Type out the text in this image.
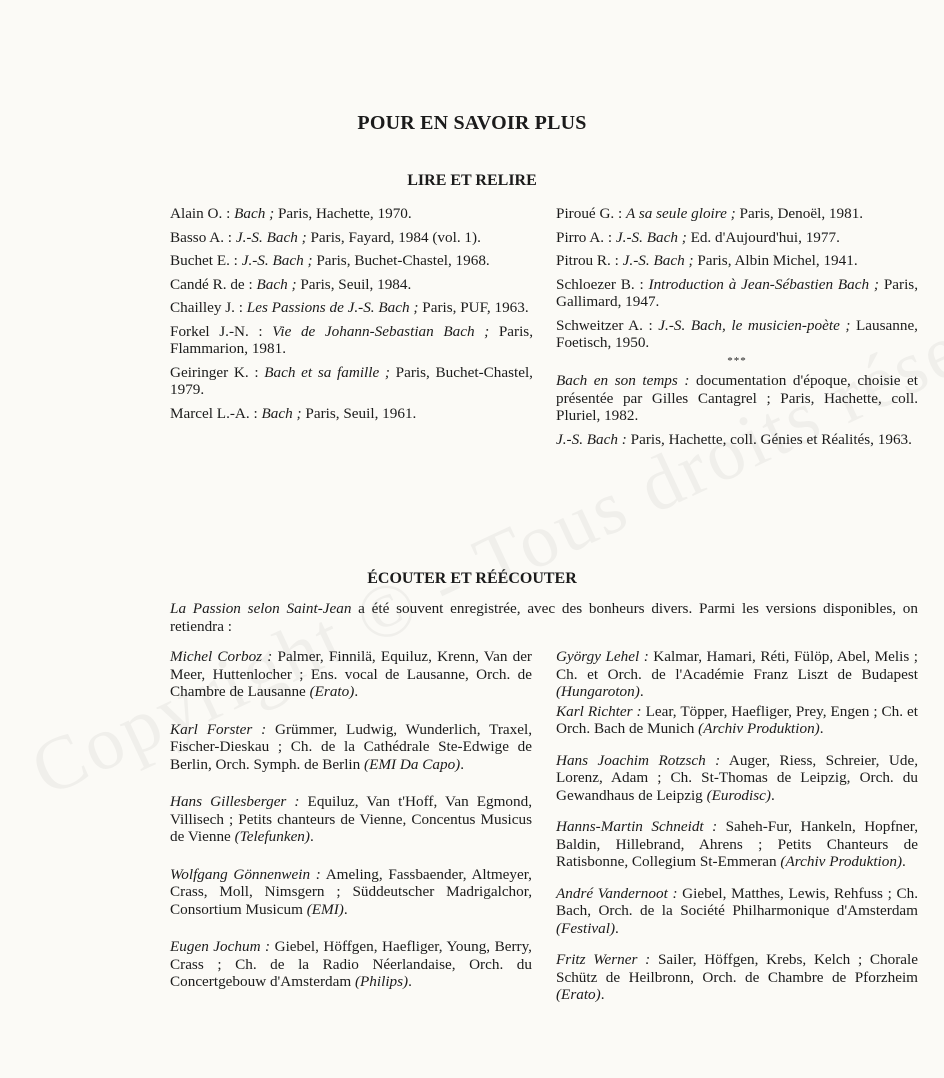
POUR EN SAVOIR PLUS
LIRE ET RELIRE
Alain O. : Bach ; Paris, Hachette, 1970.
Basso A. : J.-S. Bach ; Paris, Fayard, 1984 (vol. 1).
Buchet E. : J.-S. Bach ; Paris, Buchet-Chastel, 1968.
Candé R. de : Bach ; Paris, Seuil, 1984.
Chailley J. : Les Passions de J.-S. Bach ; Paris, PUF, 1963.
Forkel J.-N. : Vie de Johann-Sebastian Bach ; Paris, Flammarion, 1981.
Geiringer K. : Bach et sa famille ; Paris, Buchet-Chastel, 1979.
Marcel L.-A. : Bach ; Paris, Seuil, 1961.
Piroué G. : A sa seule gloire ; Paris, Denoël, 1981.
Pirro A. : J.-S. Bach ; Ed. d'Aujourd'hui, 1977.
Pitrou R. : J.-S. Bach ; Paris, Albin Michel, 1941.
Schloezer B. : Introduction à Jean-Sébastien Bach ; Paris, Gallimard, 1947.
Schweitzer A. : J.-S. Bach, le musicien-poète ; Lausanne, Foetisch, 1950.
***
Bach en son temps : documentation d'époque, choisie et présentée par Gilles Cantagrel ; Paris, Hachette, coll. Pluriel, 1982.
J.-S. Bach : Paris, Hachette, coll. Génies et Réalités, 1963.
ÉCOUTER ET RÉÉCOUTER
La Passion selon Saint-Jean a été souvent enregistrée, avec des bonheurs divers. Parmi les versions disponibles, on retiendra :
Michel Corboz : Palmer, Finnilä, Equiluz, Krenn, Van der Meer, Huttenlocher ; Ens. vocal de Lausanne, Orch. de Chambre de Lausanne (Erato).
Karl Forster : Grümmer, Ludwig, Wunderlich, Traxel, Fischer-Dieskau ; Ch. de la Cathédrale Ste-Edwige de Berlin, Orch. Symph. de Berlin (EMI Da Capo).
Hans Gillesberger : Equiluz, Van t'Hoff, Van Egmond, Villisech ; Petits chanteurs de Vienne, Concentus Musicus de Vienne (Telefunken).
Wolfgang Gönnenwein : Ameling, Fassbaender, Altmeyer, Crass, Moll, Nimsgern ; Süddeutscher Madrigalchor, Consortium Musicum (EMI).
Eugen Jochum : Giebel, Höffgen, Haefliger, Young, Berry, Crass ; Ch. de la Radio Néerlandaise, Orch. du Concertgebouw d'Amsterdam (Philips).
György Lehel : Kalmar, Hamari, Réti, Fülöp, Abel, Melis ; Ch. et Orch. de l'Académie Franz Liszt de Budapest (Hungaroton).
Karl Richter : Lear, Töpper, Haefliger, Prey, Engen ; Ch. et Orch. Bach de Munich (Archiv Produktion).
Hans Joachim Rotzsch : Auger, Riess, Schreier, Ude, Lorenz, Adam ; Ch. St-Thomas de Leipzig, Orch. du Gewandhaus de Leipzig (Eurodisc).
Hanns-Martin Schneidt : Saheh-Fur, Hankeln, Hopfner, Baldin, Hillebrand, Ahrens ; Petits Chanteurs de Ratisbonne, Collegium St-Emmeran (Archiv Produktion).
André Vandernoot : Giebel, Matthes, Lewis, Rehfuss ; Ch. Bach, Orch. de la Société Philharmonique d'Amsterdam (Festival).
Fritz Werner : Sailer, Höffgen, Krebs, Kelch ; Chorale Schütz de Heilbronn, Orch. de Chambre de Pforzheim (Erato).
